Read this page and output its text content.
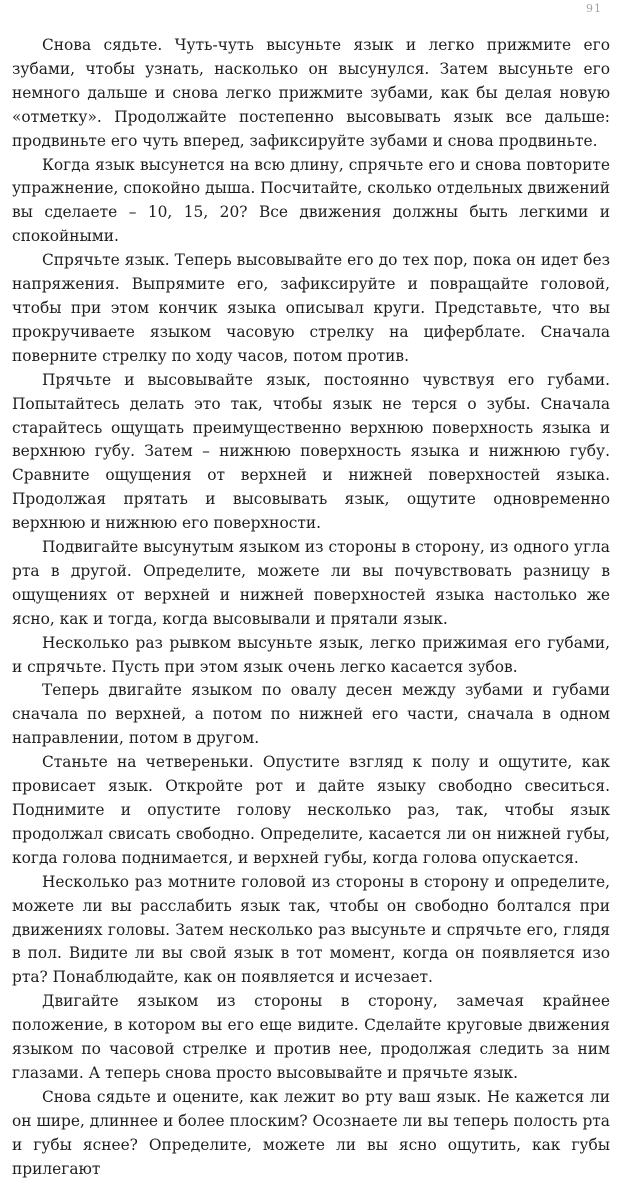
91

Снова сядьте. Чуть-чуть высуньте язык и легко прижмите его зубами, чтобы узнать, насколько он высунулся. Затем высуньте его немного дальше и снова легко прижмите зубами, как бы делая новую «отметку». Продолжайте постепенно высовывать язык все дальше: продвиньте его чуть вперед, зафиксируйте зубами и снова продвиньте.

Когда язык высунется на всю длину, спрячьте его и снова повторите упражнение, спокойно дыша. Посчитайте, сколько отдельных движений вы сделаете – 10, 15, 20? Все движения должны быть легкими и спокойными.

Спрячьте язык. Теперь высовывайте его до тех пор, пока он идет без напряжения. Выпрямите его, зафиксируйте и повращайте головой, чтобы при этом кончик языка описывал круги. Представьте, что вы прокручиваете языком часовую стрелку на циферблате. Сначала поверните стрелку по ходу часов, потом против.

Прячьте и высовывайте язык, постоянно чувствуя его губами. Попытайтесь делать это так, чтобы язык не терся о зубы. Сначала старайтесь ощущать преимущественно верхнюю поверхность языка и верхнюю губу. Затем – нижнюю поверхность языка и нижнюю губу. Сравните ощущения от верхней и нижней поверхностей языка. Продолжая прятать и высовывать язык, ощутите одновременно верхнюю и нижнюю его поверхности.

Подвигайте высунутым языком из стороны в сторону, из одного угла рта в другой. Определите, можете ли вы почувствовать разницу в ощущениях от верхней и нижней поверхностей языка настолько же ясно, как и тогда, когда высовывали и прятали язык.

Несколько раз рывком высуньте язык, легко прижимая его губами, и спрячьте. Пусть при этом язык очень легко касается зубов.

Теперь двигайте языком по овалу десен между зубами и губами сначала по верхней, а потом по нижней его части, сначала в одном направлении, потом в другом.

Станьте на четвереньки. Опустите взгляд к полу и ощутите, как провисает язык. Откройте рот и дайте языку свободно свеситься. Поднимите и опустите голову несколько раз, так, чтобы язык продолжал свисать свободно. Определите, касается ли он нижней губы, когда голова поднимается, и верхней губы, когда голова опускается.

Несколько раз мотните головой из стороны в сторону и определите, можете ли вы расслабить язык так, чтобы он свободно болтался при движениях головы. Затем несколько раз высуньте и спрячьте его, глядя в пол. Видите ли вы свой язык в тот момент, когда он появляется изо рта? Понаблюдайте, как он появляется и исчезает.

Двигайте языком из стороны в сторону, замечая крайнее положение, в котором вы его еще видите. Сделайте круговые движения языком по часовой стрелке и против нее, продолжая следить за ним глазами. А теперь снова просто высовывайте и прячьте язык.

Снова сядьте и оцените, как лежит во рту ваш язык. Не кажется ли он шире, длиннее и более плоским? Осознаете ли вы теперь полость рта и губы яснее? Определите, можете ли вы ясно ощутить, как губы прилегают
